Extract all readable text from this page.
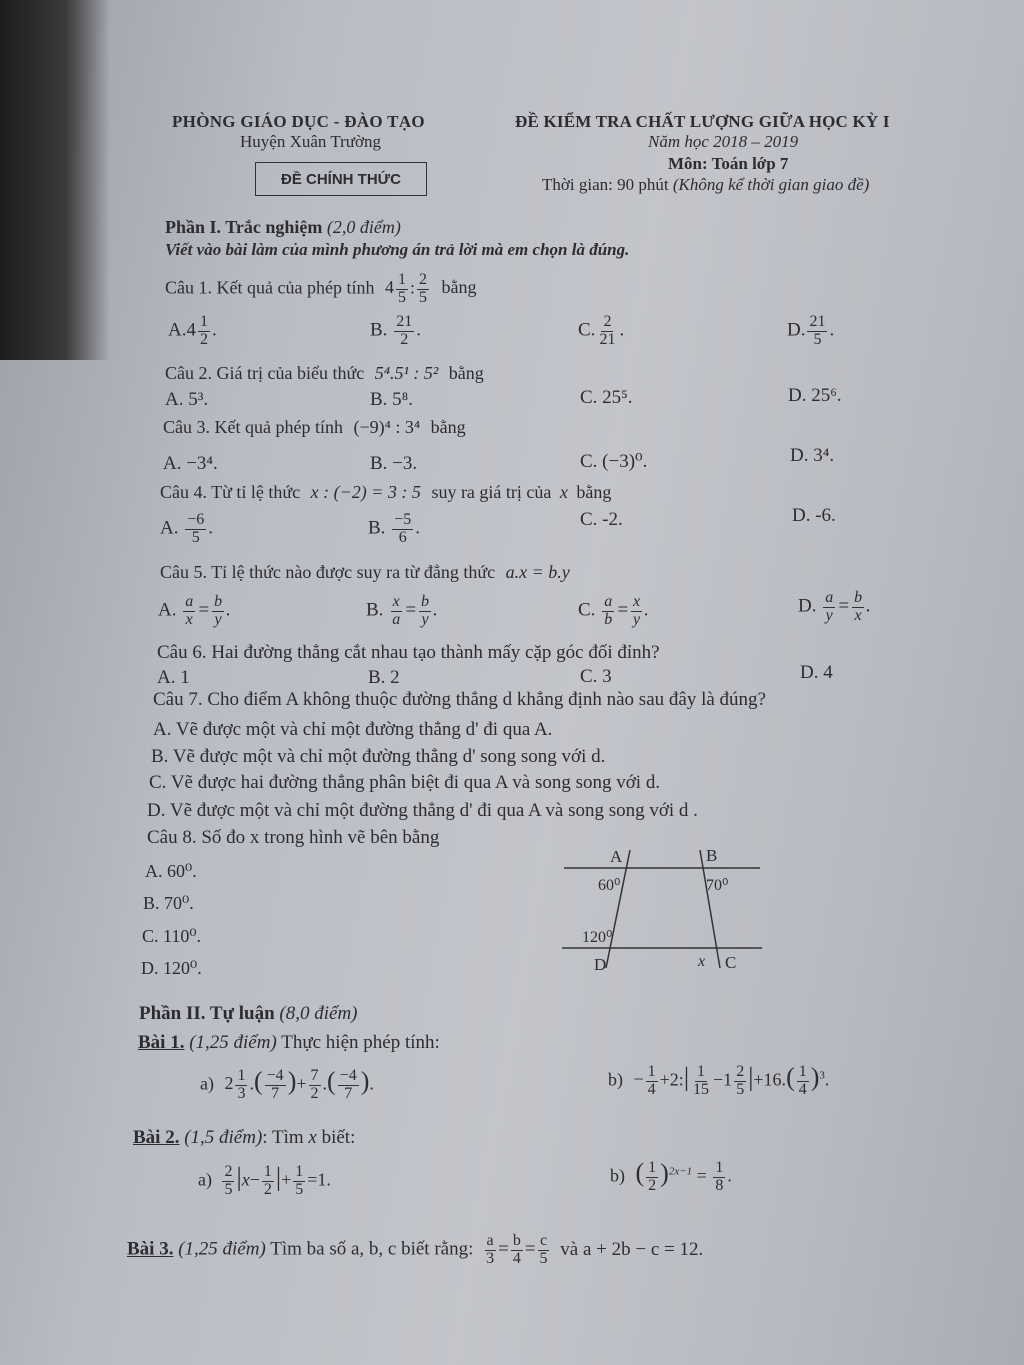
PHÒNG GIÁO DỤC - ĐÀO TẠO
Huyện Xuân Trường
ĐỀ CHÍNH THỨC
ĐỀ KIỂM TRA CHẤT LƯỢNG GIỮA HỌC KỲ I
Năm học 2018 – 2019
Môn: Toán lớp 7
Thời gian: 90 phút (Không kể thời gian giao đề)
Phần I. Trắc nghiệm (2,0 điểm)
Viết vào bài làm của mình phương án trả lời mà em chọn là đúng.
Câu 1. Kết quả của phép tính $4 \frac{1}{5}$ : $\frac{2}{5}$ bằng
$A.4 \frac{1}{2}$ .	B. $\frac{21}{2}$ .	C. $\frac{2}{21}$ .	D. $\frac{21}{5}$ .
Câu 2. Giá trị của biểu thức 5⁴.5¹ : 5² bằng
A. 5³.	B. 5⁸.	C. 25⁵.	D. 25⁶.
Câu 3. Kết quả phép tính (−9)⁴ : 3⁴ bằng
A. −3⁴.	B. −3.	C. (−3)⁰.	D. 3⁴.
Câu 4. Từ tỉ lệ thức x : (−2) = 3 : 5 suy ra giá trị của x bằng
A. $\frac{-6}{5}$ .	B. $\frac{-5}{6}$ .	C. -2.	D. -6.
Câu 5. Tỉ lệ thức nào được suy ra từ đẳng thức a.x = b.y
A. $\frac{a}{x} = \frac{b}{y}$ .	B. $\frac{x}{a} = \frac{b}{y}$ .	C. $\frac{a}{b} = \frac{x}{y}$ .	D. $\frac{a}{y} = \frac{b}{x}$ .
Câu 6. Hai đường thẳng cắt nhau tạo thành mấy cặp góc đối đỉnh?
A. 1	B. 2	C. 3	D. 4
Câu 7. Cho điểm A không thuộc đường thẳng d khẳng định nào sau đây là đúng?
A. Vẽ được một và chỉ một đường thẳng d' đi qua A.
B. Vẽ được một và chỉ một đường thẳng d' song song với d.
C. Vẽ được hai đường thẳng phân biệt đi qua A và song song với d.
D. Vẽ được một và chỉ một đường thẳng d' đi qua A và song song với d .
Câu 8. Số đo x trong hình vẽ bên bằng
A. 60⁰.
B. 70⁰.
C. 110⁰.
D. 120⁰.
A	B
60⁰	70⁰
120⁰
D	x C
Phần II. Tự luận (8,0 điểm)
Bài 1. (1,25 điểm) Thực hiện phép tính:
a) $2 \frac{1}{3}$ .( $\frac{-4}{7}$ )+ $\frac{7}{2}$ .( $\frac{-4}{7}$ ).	$b) - \frac{1}{4}$ +2:| $\frac{1}{15} -1 \frac{2}{5} |+16.( \frac{1}{4} )^3$.
Bài 2. (1,5 điểm): Tìm x biết:
$a) \frac{2}{5} |x- \frac{1}{2}$ |+ $\frac{1}{5} =1$.	b) ( $\frac{1}{2} )^{2x-1} = \frac{1}{8}$ .
Bài 3. (1,25 điểm) Tìm ba số a, b, c biết rằng: $\frac{a}{3} = \frac{b}{4} = \frac{c}{5}$ và a + 2b − c = 12.
